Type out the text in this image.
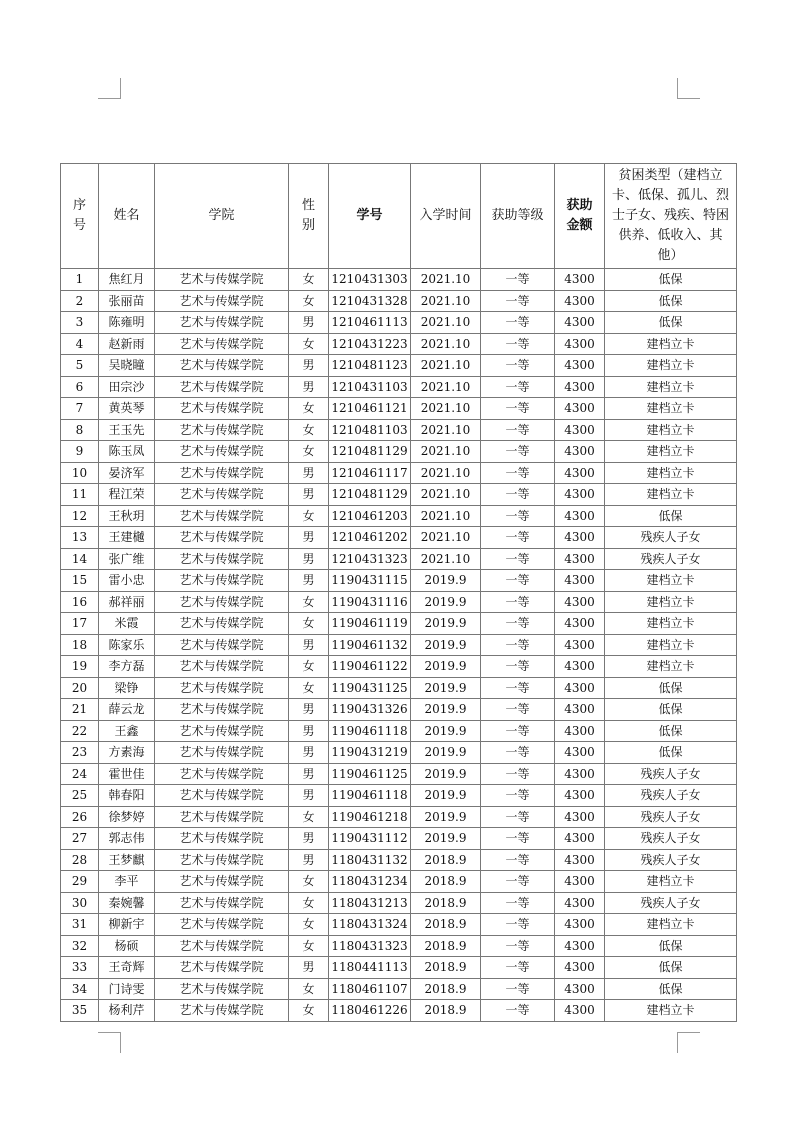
序号	姓名	学院	性别	学号	入学时间	获助等级	获助金额	贫困类型（建档立卡、低保、孤儿、烈士子女、残疾、特困供养、低收入、其他）
1	焦红月	艺术与传媒学院	女	1210431303	2021.10	一等	4300	低保
2	张丽苗	艺术与传媒学院	女	1210431328	2021.10	一等	4300	低保
3	陈雍明	艺术与传媒学院	男	1210461113	2021.10	一等	4300	低保
4	赵新雨	艺术与传媒学院	女	1210431223	2021.10	一等	4300	建档立卡
5	吴晓瞳	艺术与传媒学院	男	1210481123	2021.10	一等	4300	建档立卡
6	田宗沙	艺术与传媒学院	男	1210431103	2021.10	一等	4300	建档立卡
7	黄英琴	艺术与传媒学院	女	1210461121	2021.10	一等	4300	建档立卡
8	王玉先	艺术与传媒学院	女	1210481103	2021.10	一等	4300	建档立卡
9	陈玉凤	艺术与传媒学院	女	1210481129	2021.10	一等	4300	建档立卡
10	晏济军	艺术与传媒学院	男	1210461117	2021.10	一等	4300	建档立卡
11	程江荣	艺术与传媒学院	男	1210481129	2021.10	一等	4300	建档立卡
12	王秋玥	艺术与传媒学院	女	1210461203	2021.10	一等	4300	低保
13	王建樾	艺术与传媒学院	男	1210461202	2021.10	一等	4300	残疾人子女
14	张广维	艺术与传媒学院	男	1210431323	2021.10	一等	4300	残疾人子女
15	雷小忠	艺术与传媒学院	男	1190431115	2019.9	一等	4300	建档立卡
16	郝祥丽	艺术与传媒学院	女	1190431116	2019.9	一等	4300	建档立卡
17	米霞	艺术与传媒学院	女	1190461119	2019.9	一等	4300	建档立卡
18	陈家乐	艺术与传媒学院	男	1190461132	2019.9	一等	4300	建档立卡
19	李方磊	艺术与传媒学院	女	1190461122	2019.9	一等	4300	建档立卡
20	梁铮	艺术与传媒学院	女	1190431125	2019.9	一等	4300	低保
21	薛云龙	艺术与传媒学院	男	1190431326	2019.9	一等	4300	低保
22	王鑫	艺术与传媒学院	男	1190461118	2019.9	一等	4300	低保
23	方素海	艺术与传媒学院	男	1190431219	2019.9	一等	4300	低保
24	霍世佳	艺术与传媒学院	男	1190461125	2019.9	一等	4300	残疾人子女
25	韩春阳	艺术与传媒学院	男	1190461118	2019.9	一等	4300	残疾人子女
26	徐梦婷	艺术与传媒学院	女	1190461218	2019.9	一等	4300	残疾人子女
27	郭志伟	艺术与传媒学院	男	1190431112	2019.9	一等	4300	残疾人子女
28	王梦麒	艺术与传媒学院	男	1180431132	2018.9	一等	4300	残疾人子女
29	李平	艺术与传媒学院	女	1180431234	2018.9	一等	4300	建档立卡
30	秦婉馨	艺术与传媒学院	女	1180431213	2018.9	一等	4300	残疾人子女
31	柳新宇	艺术与传媒学院	女	1180431324	2018.9	一等	4300	建档立卡
32	杨硕	艺术与传媒学院	女	1180431323	2018.9	一等	4300	低保
33	王奇辉	艺术与传媒学院	男	1180441113	2018.9	一等	4300	低保
34	门诗雯	艺术与传媒学院	女	1180461107	2018.9	一等	4300	低保
35	杨利芹	艺术与传媒学院	女	1180461226	2018.9	一等	4300	建档立卡
